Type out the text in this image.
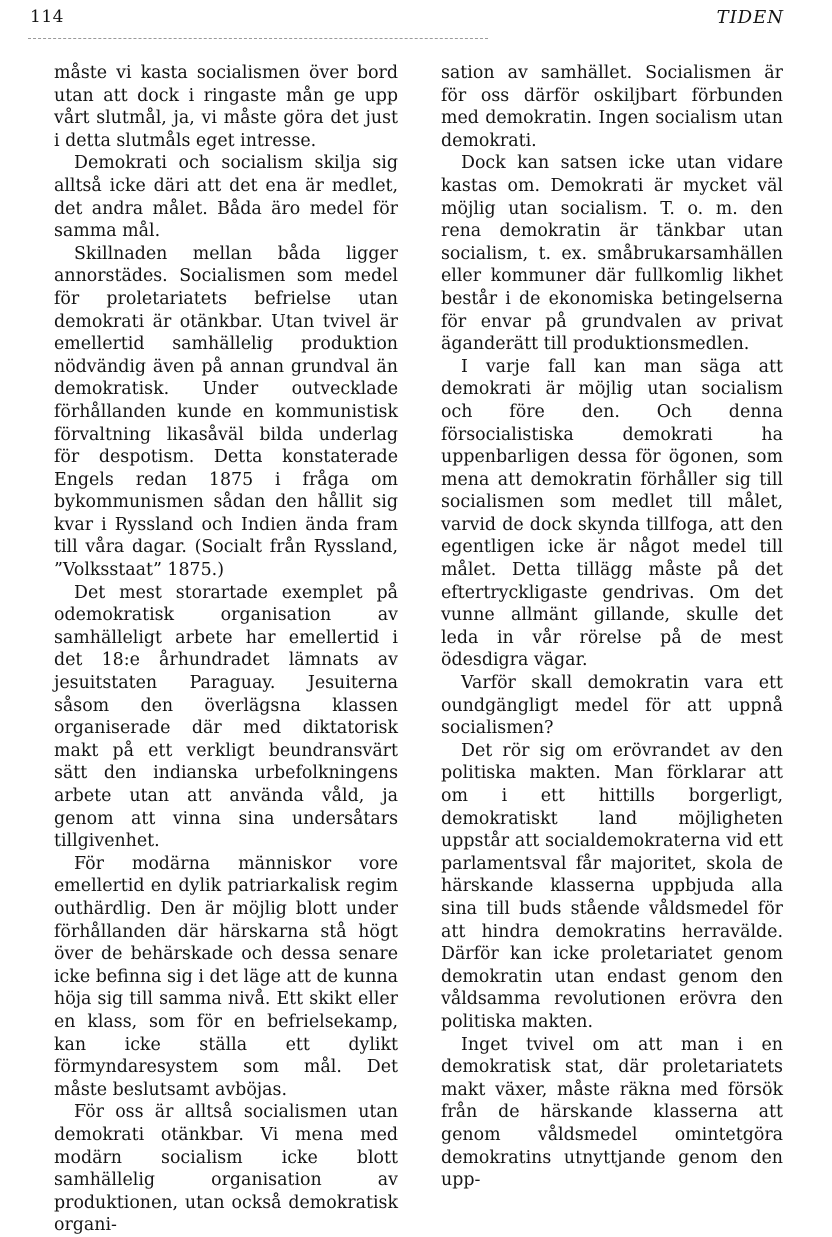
114	TIDEN

måste vi kasta socialismen över bord utan att dock i ringaste mån ge upp vårt slutmål, ja, vi måste göra det just i detta slutmåls eget intresse.

Demokrati och socialism skilja sig alltså icke däri att det ena är medlet, det andra målet. Båda äro medel för samma mål.

Skillnaden mellan båda ligger annorstädes. Socialismen som medel för proletariatets befrielse utan demokrati är otänkbar. Utan tvivel är emellertid samhällelig produktion nödvändig även på annan grundval än demokratisk. Under outvecklade förhållanden kunde en kommunistisk förvaltning likasåväl bilda underlag för despotism. Detta konstaterade Engels redan 1875 i fråga om bykommunismen sådan den hållit sig kvar i Ryssland och Indien ända fram till våra dagar. (Socialt från Ryssland, ”Volksstaat” 1875.)

Det mest storartade exemplet på odemokratisk organisation av samhälleligt arbete har emellertid i det 18:e århundradet lämnats av jesuitstaten Paraguay. Jesuiterna såsom den överlägsna klassen organiserade där med diktatorisk makt på ett verkligt beundransvärt sätt den indianska urbefolkningens arbete utan att använda våld, ja genom att vinna sina undersåtars tillgivenhet.

För modärna människor vore emellertid en dylik patriarkalisk regim outhärdlig. Den är möjlig blott under förhållanden där härskarna stå högt över de behärskade och dessa senare icke befinna sig i det läge att de kunna höja sig till samma nivå. Ett skikt eller en klass, som för en befrielsekamp, kan icke ställa ett dylikt förmyndaresystem som mål. Det måste beslutsamt avböjas.

För oss är alltså socialismen utan demokrati otänkbar. Vi mena med modärn socialism icke blott samhällelig organisation av produktionen, utan också demokratisk organi-

sation av samhället. Socialismen är för oss därför oskiljbart förbunden med demokratin. Ingen socialism utan demokrati.

Dock kan satsen icke utan vidare kastas om. Demokrati är mycket väl möjlig utan socialism. T. o. m. den rena demokratin är tänkbar utan socialism, t. ex. småbrukarsamhällen eller kommuner där fullkomlig likhet består i de ekonomiska betingelserna för envar på grundvalen av privat äganderätt till produktionsmedlen.

I varje fall kan man säga att demokrati är möjlig utan socialism och före den. Och denna försocialistiska demokrati ha uppenbarligen dessa för ögonen, som mena att demokratin förhåller sig till socialismen som medlet till målet, varvid de dock skynda tillfoga, att den egentligen icke är något medel till målet. Detta tillägg måste på det eftertryckligaste gendrivas. Om det vunne allmänt gillande, skulle det leda in vår rörelse på de mest ödesdigra vägar.

Varför skall demokratin vara ett oundgängligt medel för att uppnå socialismen?

Det rör sig om erövrandet av den politiska makten. Man förklarar att om i ett hittills borgerligt, demokratiskt land möjligheten uppstår att socialdemokraterna vid ett parlamentsval får majoritet, skola de härskande klasserna uppbjuda alla sina till buds stående våldsmedel för att hindra demokratins herravälde. Därför kan icke proletariatet genom demokratin utan endast genom den våldsamma revolutionen erövra den politiska makten.

Inget tvivel om att man i en demokratisk stat, där proletariatets makt växer, måste räkna med försök från de härskande klasserna att genom våldsmedel omintetgöra demokratins utnyttjande genom den upp-
